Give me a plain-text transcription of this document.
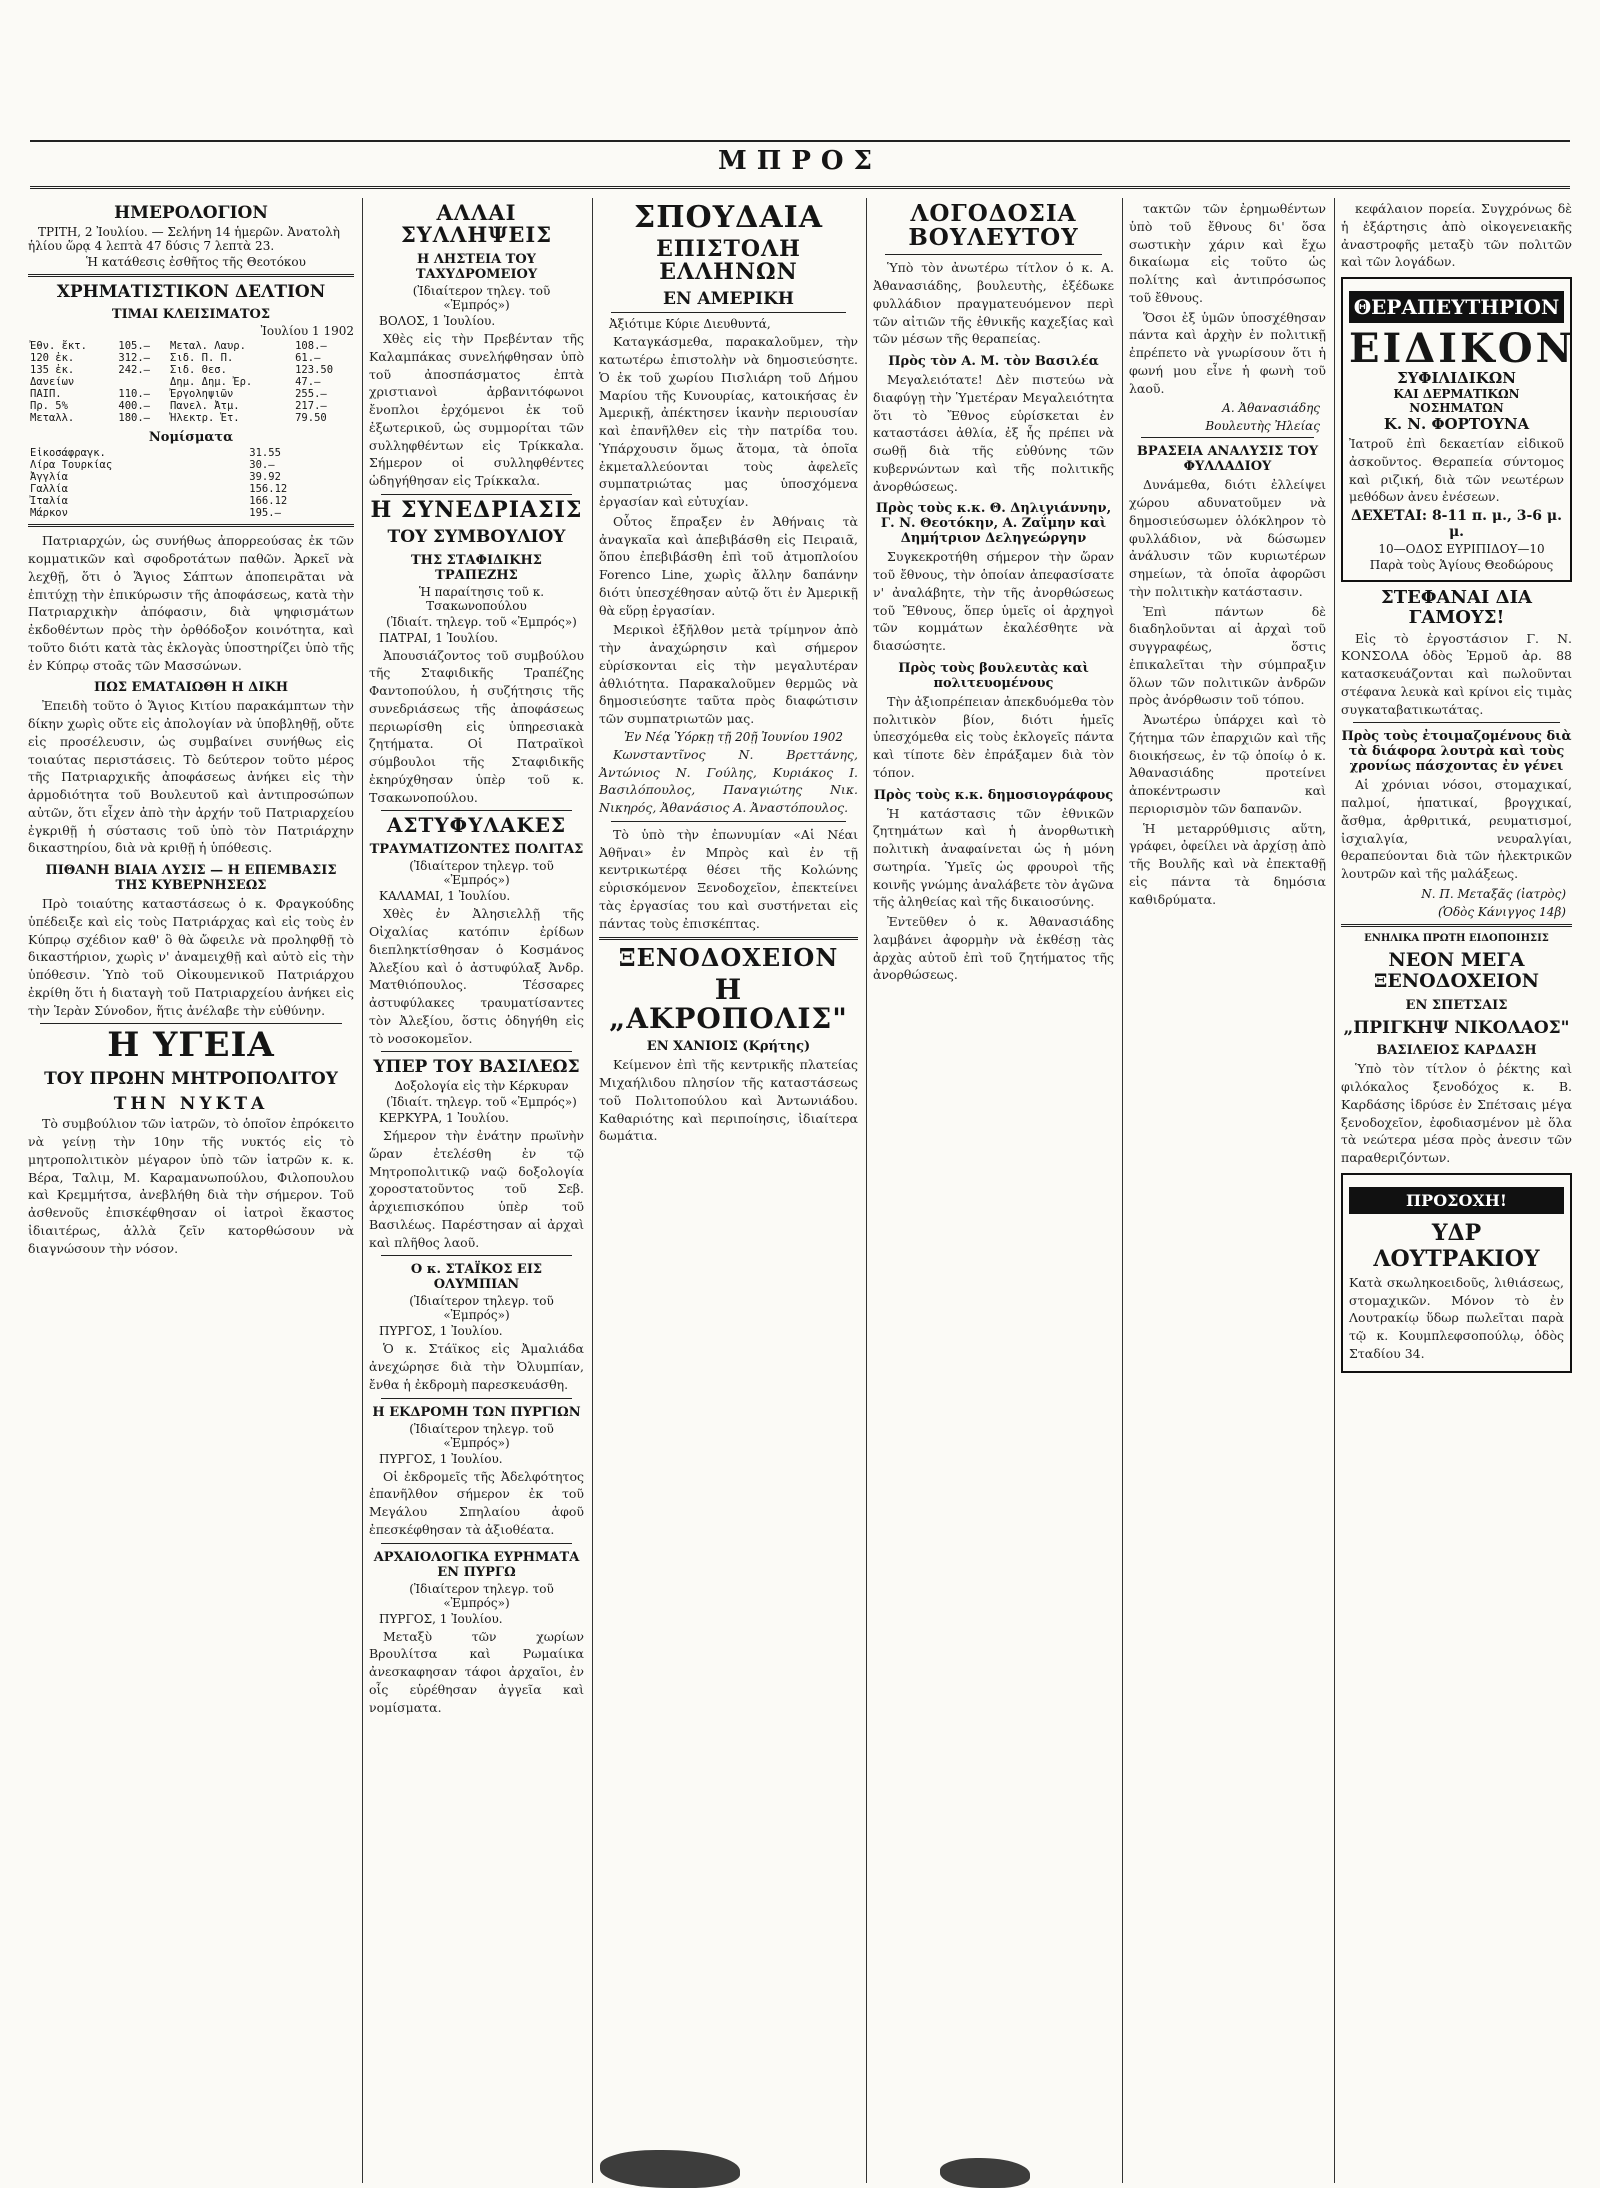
ΜΠΡΟΣ
ΗΜΕΡΟΛΟΓΙΟΝ
ΤΡΙΤΗ, 2 Ἰουλίου. — Σελήνη 14 ἡμερῶν. Ἀνατολὴ ἡλίου ὥρᾳ 4 λεπτὰ 47 δύσις 7 λεπτὰ 23.
Ἡ κατάθεσις ἐσθῆτος τῆς Θεοτόκου
ΧΡΗΜΑΤΙΣΤΙΚΟΝ ΔΕΛΤΙΟΝ
ΤΙΜΑΙ ΚΛΕΙΣΙΜΑΤΟΣ
Ἰουλίου 1 1902
Ἐθν. ἔκτ.	105.—	Μεταλ. Λαυρ.	108.—
120 ἐκ.	312.—	Σιδ. Π. Π.	61.—
135 ἐκ.	242.—	Σιδ. Θεσ.	123.50
Δανείων		Δημ. Δημ. Ἐρ.	47.—
ΠΑΙΠ.	110.—	Ἐργοληψιῶν	255.—
Πρ. 5%	400.—	Πανελ. Ἀτμ.	217.—
Μεταλλ.	180.—	Ἠλεκτρ. Ἑτ.	79.50
Νομίσματα
Εἰκοσάφραγκ.	31.55
Λίρα Τουρκίας	30.—
Ἀγγλία	39.92
Γαλλία	156.12
Ἰταλία	166.12
Μάρκον	195.—

Πατριαρχών, ὡς συνήθως ἀπορρεούσας ἐκ τῶν κομματικῶν καὶ σφοδροτάτων παθῶν. Ἀρκεῖ νὰ λεχθῇ, ὅτι ὁ Ἅγιος Σάπτων ἀποπειρᾶται νὰ ἐπιτύχῃ τὴν ἐπικύρωσιν τῆς ἀποφάσεως, κατὰ τὴν Πατριαρχικὴν ἀπόφασιν, διὰ ψηφισμάτων ἐκδοθέντων πρὸς τὴν ὀρθόδοξον κοινότητα, καὶ τοῦτο διότι κατὰ τὰς ἐκλογὰς ὑποστηρίζει ὑπὸ τῆς ἐν Κύπρῳ στοᾶς τῶν Μασσώνων.

ΠΩΣ ΕΜΑΤΑΙΩΘΗ Η ΔΙΚΗ

Ἐπειδὴ τοῦτο ὁ Ἅγιος Κιτίου παρακάμπτων τὴν δίκην χωρὶς οὔτε εἰς ἀπολογίαν νὰ ὑποβληθῇ, οὔτε εἰς προσέλευσιν, ὡς συμβαίνει συνήθως εἰς τοιαύτας περιστάσεις. Τὸ δεύτερον τοῦτο μέρος τῆς Πατριαρχικῆς ἀποφάσεως ἀνήκει εἰς τὴν ἀρμοδιότητα τοῦ Βουλευτοῦ καὶ ἀντιπροσώπων αὐτῶν, ὅτι εἶχεν ἀπὸ τὴν ἀρχήν τοῦ Πατριαρχείου ἐγκριθῇ ἡ σύστασις τοῦ ὑπὸ τὸν Πατριάρχην δικαστηρίου, διὰ νὰ κριθῇ ἡ ὑπόθεσις.

ΠΙΘΑΝΗ ΒΙΑΙΑ ΛΥΣΙΣ — Η ΕΠΕΜΒΑΣΙΣ ΤΗΣ ΚΥΒΕΡΝΗΣΕΩΣ

Πρὸ τοιαύτης καταστάσεως ὁ κ. Φραγκούδης ὑπέδειξε καὶ εἰς τοὺς Πατριάρχας καὶ εἰς τοὺς ἐν Κύπρῳ σχέδιον καθ' ὃ θὰ ὤφειλε νὰ προληφθῇ τὸ δικαστήριον, χωρὶς ν' ἀναμειχθῇ καὶ αὐτὸ εἰς τὴν ὑπόθεσιν. Ὑπὸ τοῦ Οἰκουμενικοῦ Πατριάρχου ἐκρίθη ὅτι ἡ διαταγὴ τοῦ Πατριαρχείου ἀνήκει εἰς τὴν Ἱερὰν Σύνοδον, ἥτις ἀνέλαβε τὴν εὐθύνην.

Η ΥΓΕΙΑ
ΤΟΥ ΠΡΩΗΝ ΜΗΤΡΟΠΟΛΙΤΟΥ
ΤΗΝ ΝΥΚΤΑ

Τὸ συμβούλιον τῶν ἰατρῶν, τὸ ὁποῖον ἐπρόκειτο νὰ γείνῃ τὴν 10ην τῆς νυκτός εἰς τὸ μητροπολιτικὸν μέγαρον ὑπὸ τῶν ἰατρῶν κ. κ. Βέρα, Ταλιμ, Μ. Καραμανωπούλου, Φιλοπουλου καὶ Κρεμμήτσα, ἀνεβλήθη διὰ τὴν σήμερον. Τοῦ ἀσθενοῦς ἐπισκέφθησαν οἱ ἰατροὶ ἔκαστος ἰδιαιτέρως, ἀλλὰ ζεῖν κατορθώσουν νὰ διαγνώσουν τὴν νόσον.

ΑΛΛΑΙ ΣΥΛΛΗΨΕΙΣ
Η ΛΗΣΤΕΙΑ ΤΟΥ ΤΑΧΥΔΡΟΜΕΙΟΥ
(Ἰδιαίτερον τηλεγ. τοῦ «Ἐμπρός»)
ΒΟΛΟΣ, 1 Ἰουλίου.

Χθὲς εἰς τὴν Πρεβένταν τῆς Καλαμπάκας συνελήφθησαν ὑπὸ τοῦ ἀποσπάσματος ἐπτὰ χριστιανοὶ ἀρβανιτόφωνοι ἔνοπλοι ἐρχόμενοι ἐκ τοῦ ἐξωτερικοῦ, ὡς συμμορίται τῶν συλληφθέντων εἰς Τρίκκαλα. Σήμερον οἱ συλληφθέντες ὡδηγήθησαν εἰς Τρίκκαλα.

Η ΣΥΝΕΔΡΙΑΣΙΣ
ΤΟΥ ΣΥΜΒΟΥΛΙΟΥ
ΤΗΣ ΣΤΑΦΙΔΙΚΗΣ ΤΡΑΠΕΖΗΣ
Ἡ παραίτησις τοῦ κ. Τσακωνοπούλου
(Ἰδιαίτ. τηλεγρ. τοῦ «Ἐμπρός»)
ΠΑΤΡΑΙ, 1 Ἰουλίου.

Ἀπουσιάζοντος τοῦ συμβούλου τῆς Σταφιδικῆς Τραπέζης Φαντοπούλου, ἡ συζήτησις τῆς συνεδριάσεως τῆς ἀποφάσεως περιωρίσθη εἰς ὑπηρεσιακὰ ζητήματα. Οἱ Πατραϊκοὶ σύμβουλοι τῆς Σταφιδικῆς ἐκηρύχθησαν ὑπὲρ τοῦ κ. Τσακωνοπούλου.

ΑΣΤΥΦΥΛΑΚΕΣ
ΤΡΑΥΜΑΤΙΖΟΝΤΕΣ ΠΟΛΙΤΑΣ
(Ἰδιαίτερον τηλεγρ. τοῦ «Ἐμπρός»)
ΚΑΛΑΜΑΙ, 1 Ἰουλίου.

Χθὲς ἐν Ἀλησιελλῇ τῆς Οἰχαλίας κατόπιν ἐρίδων διεπληκτίσθησαν ὁ Κοσμάνος Ἀλεξίου καὶ ὁ ἀστυφύλαξ Ἀνδρ. Ματθιόπουλος. Τέσσαρες ἀστυφύλακες τραυματίσαντες τὸν Ἀλεξίου, ὅστις ὁδηγήθη εἰς τὸ νοσοκομεῖον.

ΥΠΕΡ ΤΟΥ ΒΑΣΙΛΕΩΣ
Δοξολογία εἰς τὴν Κέρκυραν
(Ἰδιαίτ. τηλεγρ. τοῦ «Ἐμπρός»)
ΚΕΡΚΥΡΑ, 1 Ἰουλίου.

Σήμερον τὴν ἐνάτην πρωϊνὴν ὥραν ἐτελέσθη ἐν τῷ Μητροπολιτικῷ ναῷ δοξολογία χοροστατοῦντος τοῦ Σεβ. ἀρχιεπισκόπου ὑπὲρ τοῦ Βασιλέως. Παρέστησαν αἱ ἀρχαὶ καὶ πλῆθος λαοῦ.

Ο κ. ΣΤΑΪΚΟΣ ΕΙΣ ΟΛΥΜΠΙΑΝ
(Ἰδιαίτερον τηλεγρ. τοῦ «Ἐμπρός»)
ΠΥΡΓΟΣ, 1 Ἰουλίου.

Ὁ κ. Στάϊκος εἰς Ἀμαλιάδα ἀνεχώρησε διὰ τὴν Ὀλυμπίαν, ἔνθα ἡ ἐκδρομὴ παρεσκευάσθη.

Η ΕΚΔΡΟΜΗ ΤΩΝ ΠΥΡΓΙΩΝ
(Ἰδιαίτερον τηλεγρ. τοῦ «Ἐμπρός»)
ΠΥΡΓΟΣ, 1 Ἰουλίου.

Οἱ ἐκδρομεῖς τῆς Ἀδελφότητος ἐπανῆλθον σήμερον ἐκ τοῦ Μεγάλου Σπηλαίου ἀφοῦ ἐπεσκέφθησαν τὰ ἀξιοθέατα.

ΑΡΧΑΙΟΛΟΓΙΚΑ ΕΥΡΗΜΑΤΑ ΕΝ ΠΥΡΓΩ
(Ἰδιαίτερον τηλεγρ. τοῦ «Ἐμπρός»)
ΠΥΡΓΟΣ, 1 Ἰουλίου.

Μεταξὺ τῶν χωρίων Βρουλίτσα καὶ Ρωμαίικα ἀνεσκαφησαν τάφοι ἀρχαῖοι, ἐν οἷς εὑρέθησαν ἀγγεῖα καὶ νομίσματα.

ΣΠΟΥΔΑΙΑ
ΕΠΙΣΤΟΛΗ ΕΛΛΗΝΩΝ
ΕΝ ΑΜΕΡΙΚΗ
Ἀξιότιμε Κύριε Διευθυντά,

Καταγκάσμεθα, παρακαλοῦμεν, τὴν κατωτέρω ἐπιστολὴν νὰ δημοσιεύσητε. Ὁ ἐκ τοῦ χωρίου Πισλιάρη τοῦ Δήμου Μαρίου τῆς Κυνουρίας, κατοικήσας ἐν Ἀμερικῇ, ἀπέκτησεν ἱκανὴν περιουσίαν καὶ ἐπανῆλθεν εἰς τὴν πατρίδα του. Ὑπάρχουσιν ὅμως ἄτομα, τὰ ὁποῖα ἐκμεταλλεύονται τοὺς ἀφελεῖς συμπατριώτας μας ὑποσχόμενα ἐργασίαν καὶ εὐτυχίαν.

Οὗτος ἔπραξεν ἐν Ἀθήναις τὰ ἀναγκαῖα καὶ ἀπεβιβάσθη εἰς Πειραιᾶ, ὅπου ἐπεβιβάσθη ἐπὶ τοῦ ἀτμοπλοίου Forenco Line, χωρὶς ἄλλην δαπάνην διότι ὑπεσχέθησαν αὐτῷ ὅτι ἐν Ἀμερικῇ θὰ εὕρῃ ἐργασίαν.

Μερικοὶ ἐξῆλθον μετὰ τρίμηνον ἀπὸ τὴν ἀναχώρησιν καὶ σήμερον εὑρίσκονται εἰς τὴν μεγαλυτέραν ἀθλιότητα. Παρακαλοῦμεν θερμῶς νὰ δημοσιεύσητε ταῦτα πρὸς διαφώτισιν τῶν συμπατριωτῶν μας.

Ἐν Νέᾳ Ὑόρκῃ τῇ 20ῇ Ἰουνίου 1902

Κωνσταντῖνος Ν. Βρεττάνης, Ἀντώνιος Ν. Γούλης, Κυριάκος Ι. Βασιλόπουλος, Παναγιώτης Νικ. Νικηρός, Ἀθανάσιος Α. Ἀναστόπουλος.

Τὸ ὑπὸ τὴν ἐπωνυμίαν «Αἱ Νέαι Ἀθῆναι» ἐν Μπρὸς καὶ ἐν τῇ κεντρικωτέρᾳ θέσει τῆς Κολώνης εὑρισκόμενον Ξενοδοχεῖον, ἐπεκτείνει τὰς ἐργασίας του καὶ συστήνεται εἰς πάντας τοὺς ἐπισκέπτας.

ΞΕΝΟΔΟΧΕΙΟΝ
Η „ΑΚΡΟΠΟΛΙΣ"
ΕΝ ΧΑΝΙΟΙΣ (Κρήτης)

Κείμενον ἐπὶ τῆς κεντρικῆς πλατείας Μιχαήλιδου πλησίον τῆς καταστάσεως τοῦ Πολιτοπούλου καὶ Ἀντωνιάδου. Καθαριότης καὶ περιποίησις, ἰδιαίτερα δωμάτια.

ΛΟΓΟΔΟΣΙΑ ΒΟΥΛΕΥΤΟΥ

Ὑπὸ τὸν ἀνωτέρω τίτλον ὁ κ. Α. Ἀθανασιάδης, βουλευτὴς, ἐξέδωκε φυλλάδιον πραγματευόμενον περὶ τῶν αἰτιῶν τῆς ἐθνικῆς καχεξίας καὶ τῶν μέσων τῆς θεραπείας.

Πρὸς τὸν Α. Μ. τὸν Βασιλέα

Μεγαλειότατε! Δὲν πιστεύω νὰ διαφύγῃ τὴν Ὑμετέραν Μεγαλειότητα ὅτι τὸ Ἔθνος εὑρίσκεται ἐν καταστάσει ἀθλία, ἐξ ἧς πρέπει νὰ σωθῇ διὰ τῆς εὐθύνης τῶν κυβερνώντων καὶ τῆς πολιτικῆς ἀνορθώσεως.

Πρὸς τοὺς κ.κ. Θ. Δηλιγιάννην, Γ. Ν. Θεοτόκην, Α. Ζαΐμην καὶ Δημήτριον Δεληγεώργην

Συγκεκροτήθη σήμερον τὴν ὥραν τοῦ ἔθνους, τὴν ὁποίαν ἀπεφασίσατε ν' ἀναλάβητε, τὴν τῆς ἀνορθώσεως τοῦ Ἔθνους, ὅπερ ὑμεῖς οἱ ἀρχηγοὶ τῶν κομμάτων ἐκαλέσθητε νὰ διασώσητε.

Πρὸς τοὺς βουλευτὰς καὶ πολιτευομένους

Τὴν ἀξιοπρέπειαν ἀπεκδυόμεθα τὸν πολιτικὸν βίον, διότι ἡμεῖς ὑπεσχόμεθα εἰς τοὺς ἐκλογεῖς πάντα καὶ τίποτε δὲν ἐπράξαμεν διὰ τὸν τόπον.

Πρὸς τοὺς κ.κ. δημοσιογράφους

Ἡ κατάστασις τῶν ἐθνικῶν ζητημάτων καὶ ἡ ἀνορθωτικὴ πολιτικὴ ἀναφαίνεται ὡς ἡ μόνη σωτηρία. Ὑμεῖς ὡς φρουροὶ τῆς κοινῆς γνώμης ἀναλάβετε τὸν ἀγῶνα τῆς ἀληθείας καὶ τῆς δικαιοσύνης.

Ἐντεῦθεν ὁ κ. Ἀθανασιάδης λαμβάνει ἀφορμὴν νὰ ἐκθέσῃ τὰς ἀρχὰς αὐτοῦ ἐπὶ τοῦ ζητήματος τῆς ἀνορθώσεως.

τακτῶν τῶν ἐρημωθέντων ὑπὸ τοῦ ἔθνους δι' ὅσα σωστικὴν χάριν καὶ ἔχω δικαίωμα εἰς τοῦτο ὡς πολίτης καὶ ἀντιπρόσωπος τοῦ ἔθνους.

Ὅσοι ἐξ ὑμῶν ὑποσχέθησαν πάντα καὶ ἀρχὴν ἐν πολιτικῇ ἐπρέπετο νὰ γνωρίσουν ὅτι ἡ φωνή μου εἶνε ἡ φωνὴ τοῦ λαοῦ.

Α. Ἀθανασιάδης
Βουλευτὴς Ἠλείας
ΒΡΑΣΕΙΑ ΑΝΑΛΥΣΙΣ ΤΟΥ ΦΥΛΛΑΔΙΟΥ

Δυνάμεθα, διότι ἐλλείψει χώρου αδυνατοῦμεν νὰ δημοσιεύσωμεν ὁλόκληρον τὸ φυλλάδιον, νὰ δώσωμεν ἀνάλυσιν τῶν κυριωτέρων σημείων, τὰ ὁποῖα ἀφορῶσι τὴν πολιτικὴν κατάστασιν.

Ἐπὶ πάντων δὲ διαδηλοῦνται αἱ ἀρχαὶ τοῦ συγγραφέως, ὅστις ἐπικαλεῖται τὴν σύμπραξιν ὅλων τῶν πολιτικῶν ἀνδρῶν πρὸς ἀνόρθωσιν τοῦ τόπου.

Ἀνωτέρω ὑπάρχει καὶ τὸ ζήτημα τῶν ἐπαρχιῶν καὶ τῆς διοικήσεως, ἐν τῷ ὁποίῳ ὁ κ. Ἀθανασιάδης προτείνει ἀποκέντρωσιν καὶ περιορισμὸν τῶν δαπανῶν.

Ἡ μεταρρύθμισις αὕτη, γράφει, ὀφείλει νὰ ἀρχίσῃ ἀπὸ τῆς Βουλῆς καὶ νὰ ἐπεκταθῇ εἰς πάντα τὰ δημόσια καθιδρύματα.

κεφάλαιον πορεία. Συγχρόνως δὲ ἡ ἐξάρτησις ἀπὸ οἰκογενειακῆς ἀναστροφῆς μεταξὺ τῶν πολιτῶν καὶ τῶν λογάδων.

ΘΕΡΑΠΕΥΤΗΡΙΟΝ
ΕΙΔΙΚΟΝ
ΣΥΦΙΛΙΔΙΚΩΝ
ΚΑΙ ΔΕΡΜΑΤΙΚΩΝ ΝΟΣΗΜΑΤΩΝ
Κ. Ν. ΦΟΡΤΟΥΝΑ

Ἰατροῦ ἐπὶ δεκαετίαν εἰδικοῦ ἀσκοῦντος. Θεραπεία σύντομος καὶ ριζική, διὰ τῶν νεωτέρων μεθόδων ἀνευ ἐνέσεων.

ΔΕΧΕΤΑΙ: 8-11 π. μ., 3-6 μ. μ.
10—ΟΔΟΣ ΕΥΡΙΠΙΔΟΥ—10
Παρὰ τοὺς Ἁγίους Θεοδώρους
ΣΤΕΦΑΝΑΙ ΔΙΑ ΓΑΜΟΥΣ!

Εἰς τὸ ἐργοστάσιον Γ. Ν. ΚΟΝΣΟΛΑ ὁδὸς Ἑρμοῦ ἀρ. 88 κατασκευάζονται καὶ πωλοῦνται στέφανα λευκὰ καὶ κρίνοι εἰς τιμὰς συγκαταβατικωτάτας.

Πρὸς τοὺς ἐτοιμαζομένους διὰ τὰ διάφορα λουτρὰ καὶ τοὺς χρονίως πάσχοντας ἐν γένει

Αἱ χρόνιαι νόσοι, στομαχικαί, παλμοί, ἡπατικαί, βρογχικαί, ἄσθμα, ἀρθριτικά, ρευματισμοί, ἰσχιαλγία, νευραλγίαι, θεραπεύονται διὰ τῶν ἡλεκτρικῶν λουτρῶν καὶ τῆς μαλάξεως.

Ν. Π. Μεταξᾶς (ἰατρὸς)
(Ὁδὸς Κάνιγγος 14β)
ΕΝΗΛΙΚΑ ΠΡΩΤΗ ΕΙΔΟΠΟΙΗΣΙΣ
ΝΕΟΝ ΜΕΓΑ ΞΕΝΟΔΟΧΕΙΟΝ
ΕΝ ΣΠΕΤΣΑΙΣ
„ΠΡΙΓΚΗΨ ΝΙΚΟΛΑΟΣ"
ΒΑΣΙΛΕΙΟΣ ΚΑΡΔΑΣΗ

Ὑπὸ τὸν τίτλον ὁ ῥέκτης καὶ φιλόκαλος ξενοδόχος κ. Β. Καρδάσης ἱδρύσε ἐν Σπέτσαις μέγα ξενοδοχεῖον, ἐφοδιασμένον μὲ ὅλα τὰ νεώτερα μέσα πρὸς ἀνεσιν τῶν παραθεριζόντων.

ΠΡΟΣΟΧΗ!
ΥΔΡ ΛΟΥΤΡΑΚΙΟΥ

Κατὰ σκωληκοειδοῦς, λιθιάσεως, στομαχικῶν. Μόνον τὸ ἐν Λουτρακίῳ ὕδωρ πωλεῖται παρὰ τῷ κ. Κουμπλεφσοπούλῳ, ὁδὸς Σταδίου 34.
